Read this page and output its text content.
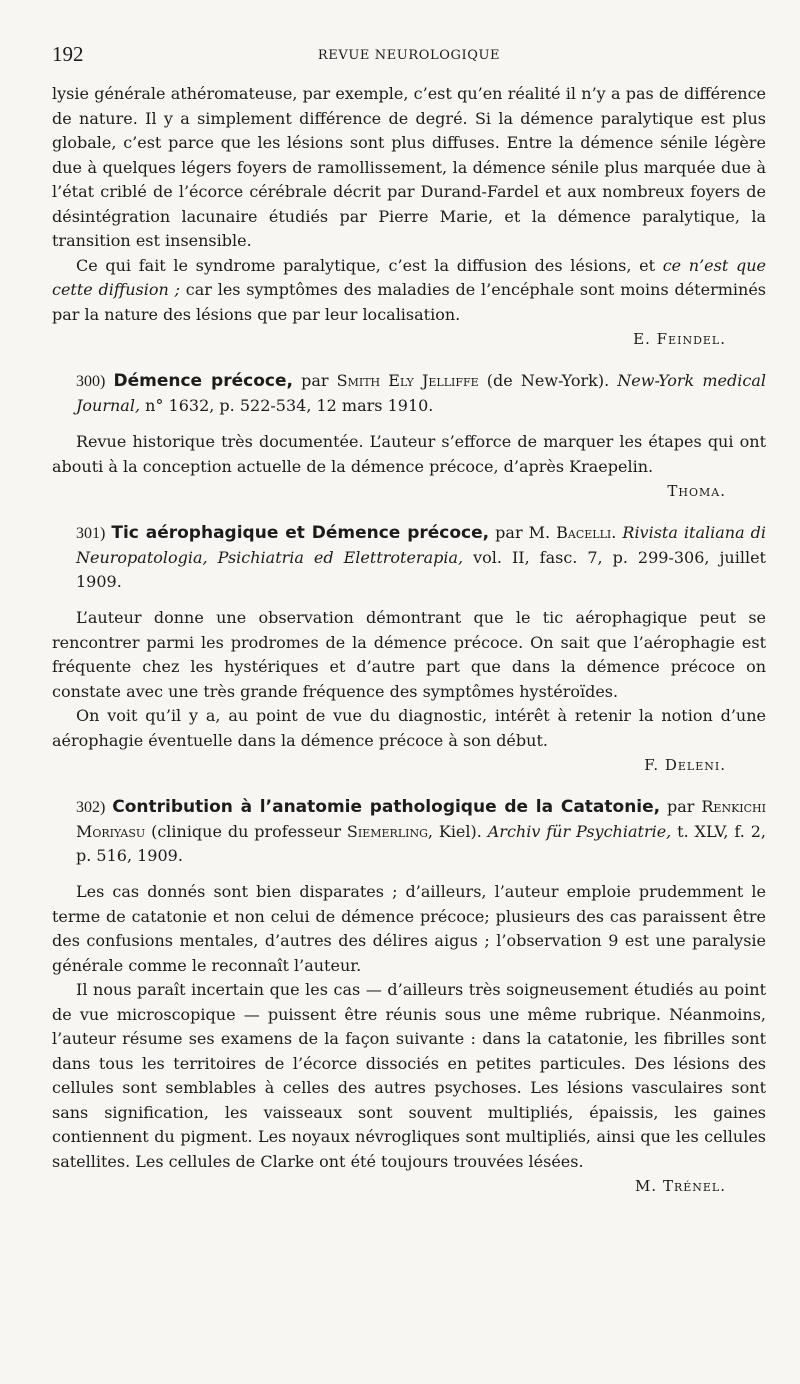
192	REVUE NEUROLOGIQUE

lysie générale athéromateuse, par exemple, c’est qu’en réalité il n’y a pas de différence de nature. Il y a simplement différence de degré. Si la démence paralytique est plus globale, c’est parce que les lésions sont plus diffuses. Entre la démence sénile légère due à quelques légers foyers de ramollissement, la démence sénile plus marquée due à l’état criblé de l’écorce cérébrale décrit par Durand-Fardel et aux nombreux foyers de désintégration lacunaire étudiés par Pierre Marie, et la démence paralytique, la transition est insensible.

Ce qui fait le syndrome paralytique, c’est la diffusion des lésions, et ce n’est que cette diffusion ; car les symptômes des maladies de l’encéphale sont moins déterminés par la nature des lésions que par leur localisation.

E. Feindel.
300) Démence précoce, par Smith Ely Jelliffe (de New-York). New-York medical Journal, n° 1632, p. 522-534, 12 mars 1910.

Revue historique très documentée. L’auteur s’efforce de marquer les étapes qui ont abouti à la conception actuelle de la démence précoce, d’après Kraepelin.

Thoma.
301) Tic aérophagique et Démence précoce, par M. Bacelli. Rivista italiana di Neuropatologia, Psichiatria ed Elettroterapia, vol. II, fasc. 7, p. 299-306, juillet 1909.

L’auteur donne une observation démontrant que le tic aérophagique peut se rencontrer parmi les prodromes de la démence précoce. On sait que l’aérophagie est fréquente chez les hystériques et d’autre part que dans la démence précoce on constate avec une très grande fréquence des symptômes hystéroïdes.

On voit qu’il y a, au point de vue du diagnostic, intérêt à retenir la notion d’une aérophagie éventuelle dans la démence précoce à son début.

F. Deleni.
302) Contribution à l’anatomie pathologique de la Catatonie, par Renkichi Moriyasu (clinique du professeur Siemerling, Kiel). Archiv für Psychiatrie, t. XLV, f. 2, p. 516, 1909.

Les cas donnés sont bien disparates ; d’ailleurs, l’auteur emploie prudemment le terme de catatonie et non celui de démence précoce; plusieurs des cas paraissent être des confusions mentales, d’autres des délires aigus ; l’observation 9 est une paralysie générale comme le reconnaît l’auteur.

Il nous paraît incertain que les cas — d’ailleurs très soigneusement étudiés au point de vue microscopique — puissent être réunis sous une même rubrique. Néanmoins, l’auteur résume ses examens de la façon suivante : dans la catatonie, les fibrilles sont dans tous les territoires de l’écorce dissociés en petites particules. Des lésions des cellules sont semblables à celles des autres psychoses. Les lésions vasculaires sont sans signification, les vaisseaux sont souvent multipliés, épaissis, les gaines contiennent du pigment. Les noyaux névrogliques sont multipliés, ainsi que les cellules satellites. Les cellules de Clarke ont été toujours trouvées lésées.

M. Trénel.
